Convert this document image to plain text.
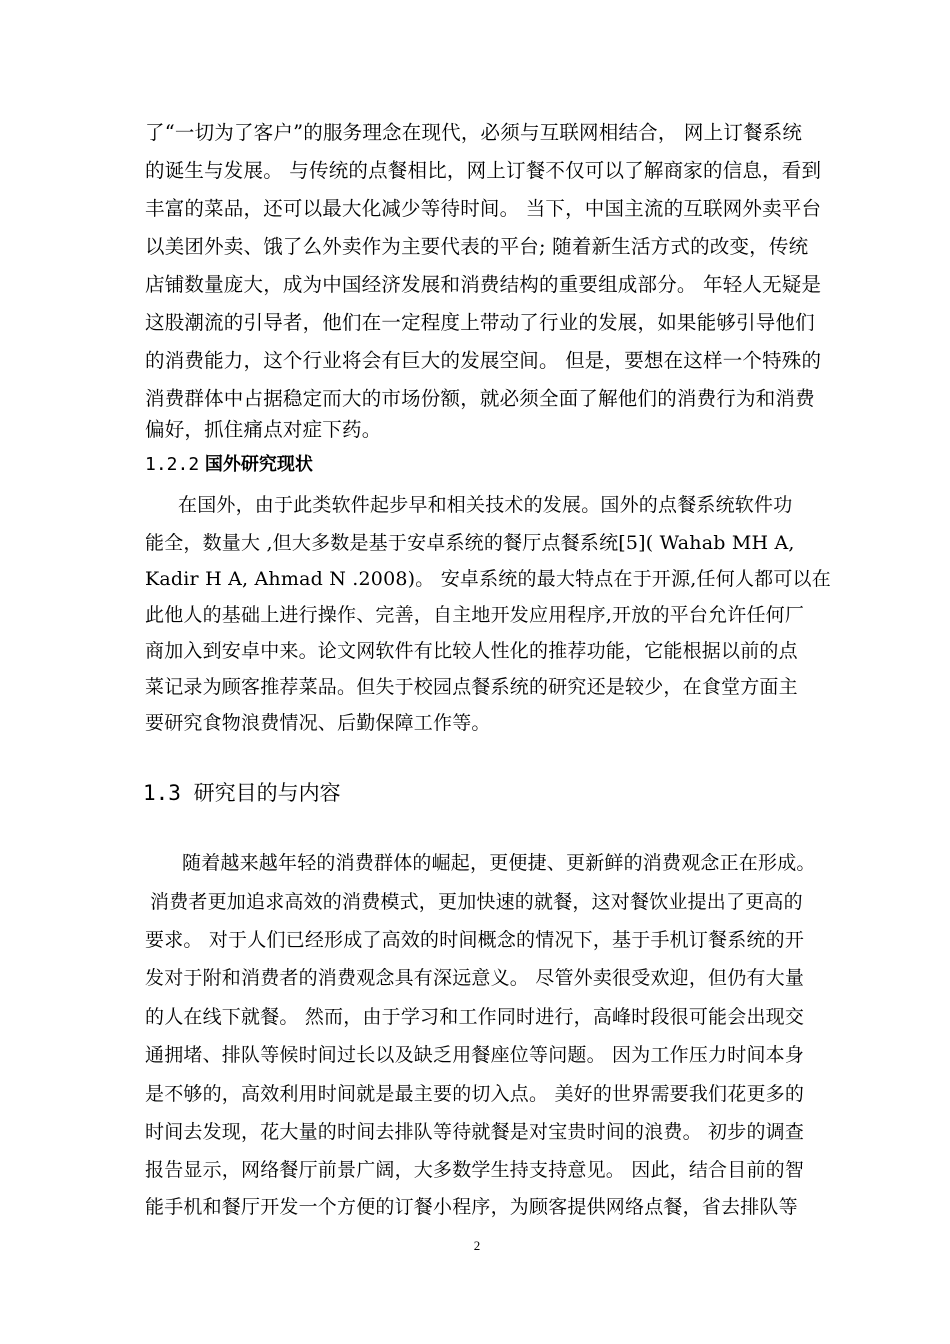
了“一切为了客户”的服务理念在现代，必须与互联网相结合， 网上订餐系统
的诞生与发展。 与传统的点餐相比，网上订餐不仅可以了解商家的信息，看到
丰富的菜品，还可以最大化减少等待时间。 当下，中国主流的互联网外卖平台
以美团外卖、饿了么外卖作为主要代表的平台; 随着新生活方式的改变，传统
店铺数量庞大，成为中国经济发展和消费结构的重要组成部分。 年轻人无疑是
这股潮流的引导者，他们在一定程度上带动了行业的发展，如果能够引导他们
的消费能力，这个行业将会有巨大的发展空间。 但是，要想在这样一个特殊的
消费群体中占据稳定而大的市场份额，就必须全面了解他们的消费行为和消费
偏好，抓住痛点对症下药。
1.2.2 国外研究现状
在国外，由于此类软件起步早和相关技术的发展。国外的点餐系统软件功
能全，数量大 ,但大多数是基于安卓系统的餐厅点餐系统[5]( Wahab MH A,
Kadir H A, Ahmad N .2008)。 安卓系统的最大特点在于开源,任何人都可以在
此他人的基础上进行操作、完善，自主地开发应用程序,开放的平台允许任何厂
商加入到安卓中来。论文网软件有比较人性化的推荐功能，它能根据以前的点
菜记录为顾客推荐菜品。但失于校园点餐系统的研究还是较少，在食堂方面主
要研究食物浪费情况、后勤保障工作等。
1.3 研究目的与内容
随着越来越年轻的消费群体的崛起，更便捷、更新鲜的消费观念正在形成。
消费者更加追求高效的消费模式，更加快速的就餐，这对餐饮业提出了更高的
要求。 对于人们已经形成了高效的时间概念的情况下，基于手机订餐系统的开
发对于附和消费者的消费观念具有深远意义。 尽管外卖很受欢迎，但仍有大量
的人在线下就餐。 然而，由于学习和工作同时进行，高峰时段很可能会出现交
通拥堵、排队等候时间过长以及缺乏用餐座位等问题。 因为工作压力时间本身
是不够的，高效利用时间就是最主要的切入点。 美好的世界需要我们花更多的
时间去发现，花大量的时间去排队等待就餐是对宝贵时间的浪费。 初步的调查
报告显示，网络餐厅前景广阔，大多数学生持支持意见。 因此，结合目前的智
能手机和餐厅开发一个方便的订餐小程序，为顾客提供网络点餐，省去排队等
2
